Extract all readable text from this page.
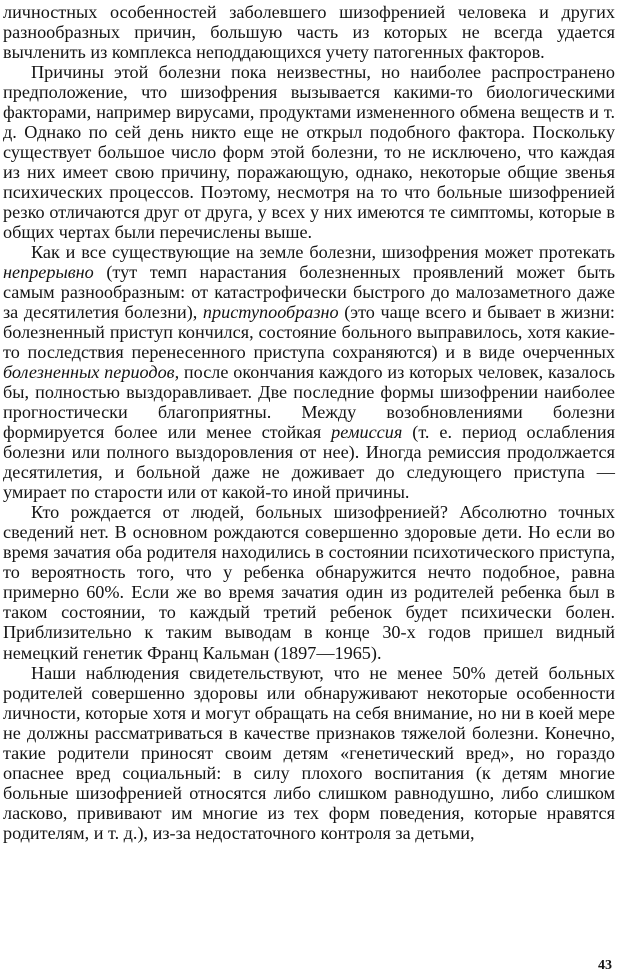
личностных особенностей заболевшего шизофренией человека и других разнообразных причин, большую часть из которых не всегда удается вычленить из комплекса неподдающихся учету патогенных факторов.

Причины этой болезни пока неизвестны, но наиболее распространено предположение, что шизофрения вызывается какими-то биологическими факторами, например вирусами, продуктами измененного обмена веществ и т. д. Однако по сей день никто еще не открыл подобного фактора. Поскольку существует большое число форм этой болезни, то не исключено, что каждая из них имеет свою причину, поражающую, однако, некоторые общие звенья психических процессов. Поэтому, несмотря на то что больные шизофренией резко отличаются друг от друга, у всех у них имеются те симптомы, которые в общих чертах были перечислены выше.

Как и все существующие на земле болезни, шизофрения может протекать непрерывно (тут темп нарастания болезненных проявлений может быть самым разнообразным: от катастрофически быстрого до малозаметного даже за десятилетия болезни), приступообразно (это чаще всего и бывает в жизни: болезненный приступ кончился, состояние больного выправилось, хотя какие-то последствия перенесенного приступа сохраняются) и в виде очерченных болезненных периодов, после окончания каждого из которых человек, казалось бы, полностью выздоравливает. Две последние формы шизофрении наиболее прогностически благоприятны. Между возобновлениями болезни формируется более или менее стойкая ремиссия (т. е. период ослабления болезни или полного выздоровления от нее). Иногда ремиссия продолжается десятилетия, и больной даже не доживает до следующего приступа — умирает по старости или от какой-то иной причины.

Кто рождается от людей, больных шизофренией? Абсолютно точных сведений нет. В основном рождаются совершенно здоровые дети. Но если во время зачатия оба родителя находились в состоянии психотического приступа, то вероятность того, что у ребенка обнаружится нечто подобное, равна примерно 60%. Если же во время зачатия один из родителей ребенка был в таком состоянии, то каждый третий ребенок будет психически болен. Приблизительно к таким выводам в конце 30-х годов пришел видный немецкий генетик Франц Кальман (1897—1965).

Наши наблюдения свидетельствуют, что не менее 50% детей больных родителей совершенно здоровы или обнаруживают некоторые особенности личности, которые хотя и могут обращать на себя внимание, но ни в коей мере не должны рассматриваться в качестве признаков тяжелой болезни. Конечно, такие родители приносят своим детям «генетический вред», но гораздо опаснее вред социальный: в силу плохого воспитания (к детям многие больные шизофренией относятся либо слишком равнодушно, либо слишком ласково, прививают им многие из тех форм поведения, которые нравятся родителям, и т. д.), из-за недостаточного контроля за детьми,

43
